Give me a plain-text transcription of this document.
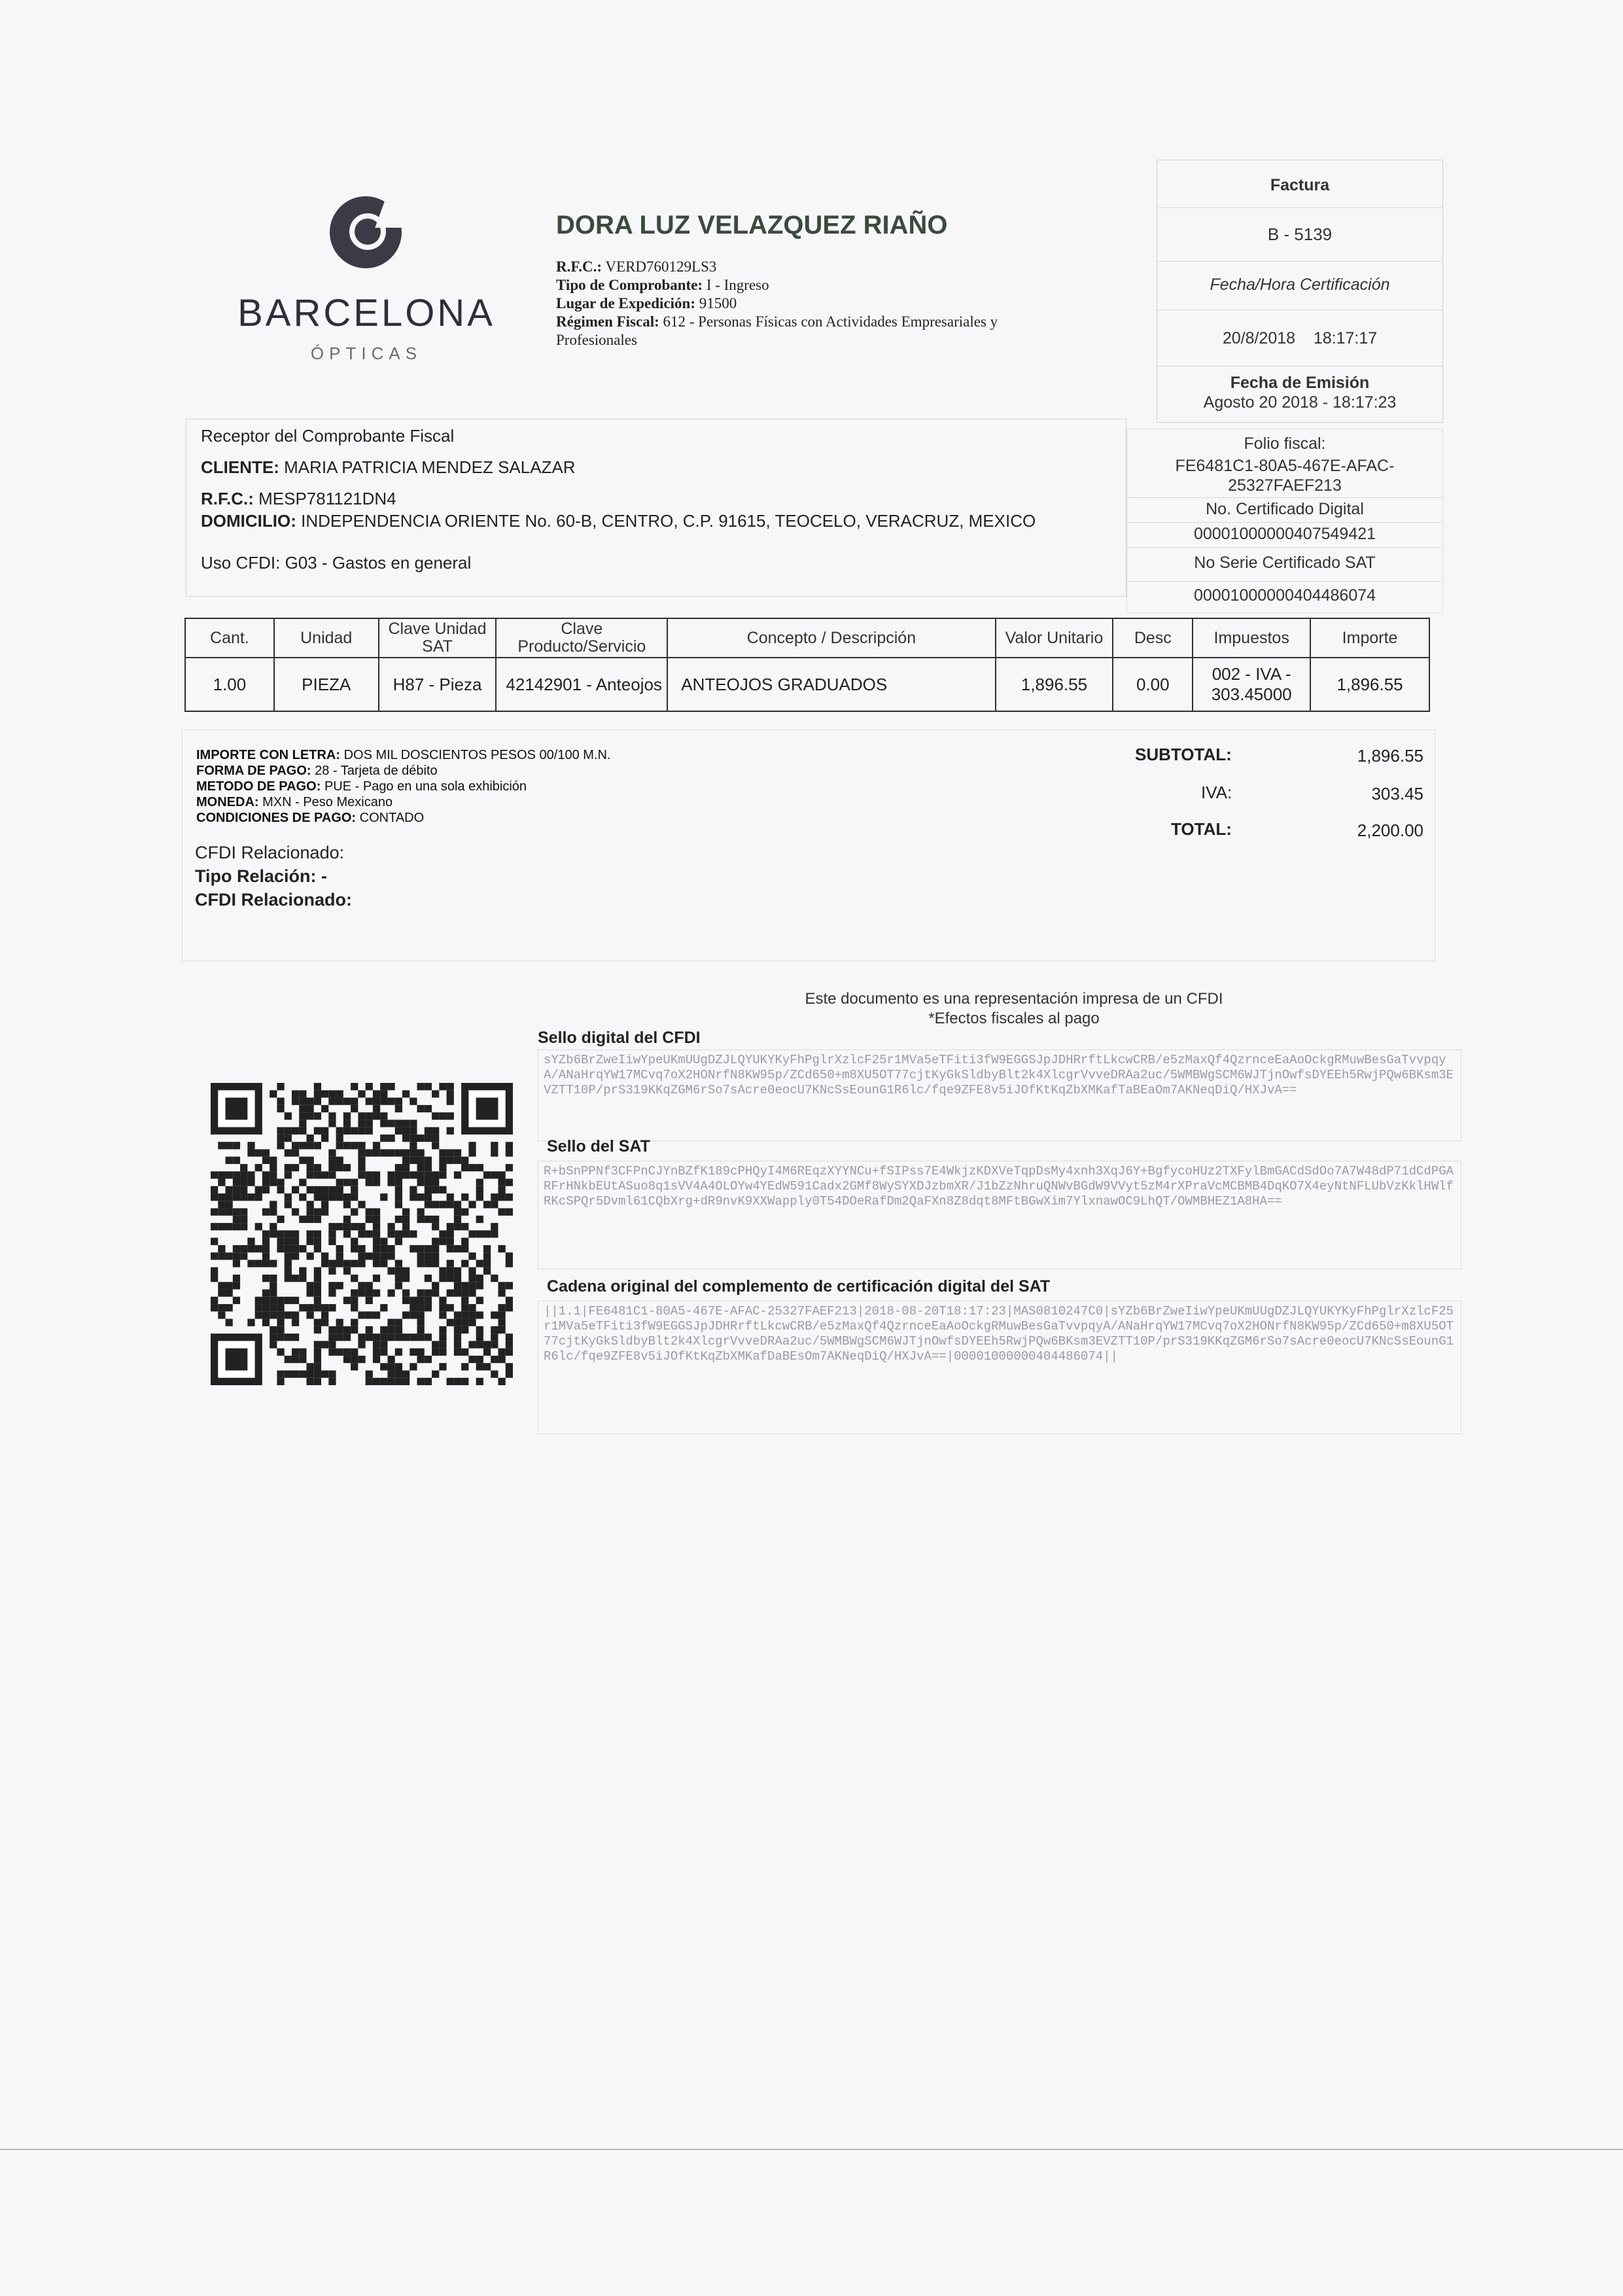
BARCELONA
ÓPTICAS
DORA LUZ VELAZQUEZ RIAÑO
R.F.C.: VERD760129LS3
Tipo de Comprobante: I - Ingreso
Lugar de Expedición: 91500
Régimen Fiscal: 612 - Personas Físicas con Actividades Empresariales y Profesionales
Factura
B - 5139
Fecha/Hora Certificación
20/8/2018 18:17:17
Fecha de Emisión
Agosto 20 2018 - 18:17:23
Folio fiscal:
FE6481C1-80A5-467E-AFAC-
25327FAEF213
No. Certificado Digital
00001000000407549421
No Serie Certificado SAT
00001000000404486074
Receptor del Comprobante Fiscal
CLIENTE: MARIA PATRICIA MENDEZ SALAZAR
R.F.C.: MESP781121DN4
DOMICILIO: INDEPENDENCIA ORIENTE No. 60-B, CENTRO, C.P. 91615, TEOCELO, VERACRUZ, MEXICO
Uso CFDI: G03 - Gastos en general
Cant.	Unidad	Clave Unidad SAT	Clave Producto/Servicio	Concepto / Descripción	Valor Unitario	Desc	Impuestos	Importe
1.00	PIEZA	H87 - Pieza	42142901 - Anteojos	ANTEOJOS GRADUADOS	1,896.55	0.00	002 - IVA - 303.45000	1,896.55
IMPORTE CON LETRA: DOS MIL DOSCIENTOS PESOS 00/100 M.N.
FORMA DE PAGO: 28 - Tarjeta de débito
METODO DE PAGO: PUE - Pago en una sola exhibición
MONEDA: MXN - Peso Mexicano
CONDICIONES DE PAGO: CONTADO
SUBTOTAL:	1,896.55
IVA:	303.45
TOTAL:	2,200.00
CFDI Relacionado:
Tipo Relación: -
CFDI Relacionado:
Este documento es una representación impresa de un CFDI
*Efectos fiscales al pago
Sello digital del CFDI
sYZb6BrZweIiwYpeUKmUUgDZJLQYUKYKyFhPglrXzlcF25r1MVa5eTFiti3fW9EGGSJpJDHRrftLkcwCRB/e5zMaxQf4QzrnceEaAoOckgRMuwBesGaTvvpqyA/ANaHrqYW17MCvq7oX2HONrfN8KW95p/ZCd650+m8XU5OT77cjtKyGkSldbyBlt2k4XlcgrVvveDRAa2uc/5WMBWgSCM6WJTjnOwfsDYEEh5RwjPQw6BKsm3EVZTT10P/prS319KKqZGM6rSo7sAcre0eocU7KNcSsEounG1R6lc/fqe9ZFE8v5iJOfKtKqZbXMKafTaBEaOm7AKNeqDiQ/HXJvA==
Sello del SAT
R+bSnPPNf3CFPnCJYnBZfK189cPHQyI4M6REqzXYYNCu+fSIPss7E4WkjzKDXVeTqpDsMy4xnh3XqJ6Y+BgfycoHUz2TXFylBmGACdSdOo7A7W48dP71dCdPGARFrHNkbEUtASuo8q1sVV4A4OLOYw4YEdW591Cadx2GMf8WySYXDJzbmXR/J1bZzNhruQNWvBGdW9VVyt5zM4rXPraVcMCBMB4DqKO7X4eyNtNFLUbVzKklHWlfRKcSPQr5Dvml61CQbXrg+dR9nvK9XXWapply0T54DOeRafDm2QaFXn8Z8dqt8MFtBGwXim7YlxnawOC9LhQT/OWMBHEZ1A8HA==
Cadena original del complemento de certificación digital del SAT
||1.1|FE6481C1-80A5-467E-AFAC-25327FAEF213|2018-08-20T18:17:23|MAS0810247C0|sYZb6BrZweIiwYpeUKmUUgDZJLQYUKYKyFhPglrXzlcF25r1MVa5eTFiti3fW9EGGSJpJDHRrftLkcwCRB/e5zMaxQf4QzrnceEaAoOckgRMuwBesGaTvvpqyA/ANaHrqYW17MCvq7oX2HONrfN8KW95p/ZCd650+m8XU5OT77cjtKyGkSldbyBlt2k4XlcgrVvveDRAa2uc/5WMBWgSCM6WJTjnOwfsDYEEh5RwjPQw6BKsm3EVZTT10P/prS319KKqZGM6rSo7sAcre0eocU7KNcSsEounG1R6lc/fqe9ZFE8v5iJOfKtKqZbXMKafDaBEsOm7AKNeqDiQ/HXJvA==|00001000000404486074||
